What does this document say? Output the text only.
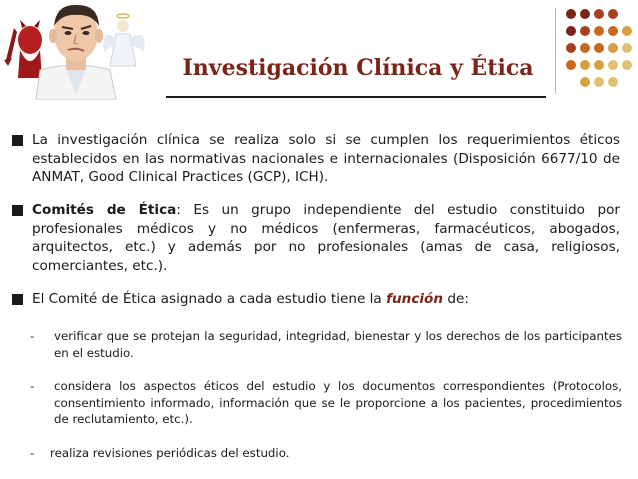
Investigación Clínica y Ética
La investigación clínica se realiza solo si se cumplen los requerimientos éticos establecidos en las normativas nacionales e internacionales (Disposición 6677/10 de ANMAT, Good Clinical Practices (GCP), ICH).
Comités de Ética: Es un grupo independiente del estudio constituido por profesionales médicos y no médicos (enfermeras, farmacéuticos, abogados, arquitectos, etc.) y además por no profesionales (amas de casa, religiosos, comerciantes, etc.).
El Comité de Ética asignado a cada estudio tiene la función de:
- verificar que se protejan la seguridad, integridad, bienestar y los derechos de los participantes en el estudio.
- considera los aspectos éticos del estudio y los documentos correspondientes (Protocolos, consentimiento informado, información que se le proporcione a los pacientes, procedimientos de reclutamiento, etc.).
- realiza revisiones periódicas del estudio.
